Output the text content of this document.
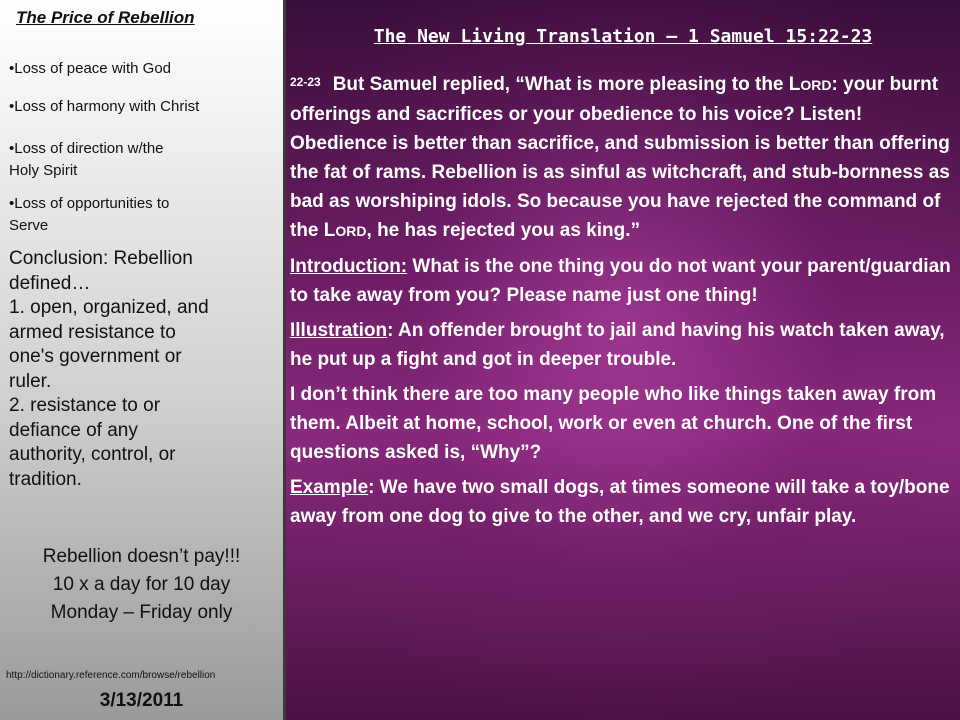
The Price of Rebellion
•Loss of peace with God
•Loss of harmony with Christ
•Loss of direction w/the
Holy Spirit
•Loss of opportunities to
Serve
Conclusion: Rebellion
defined…
1. open, organized, and
armed resistance to
one's government or
ruler.
2. resistance to or
defiance of any
authority, control, or
tradition.
Rebellion doesn’t pay!!!
10 x a day for 10 day
Monday – Friday only
http://dictionary.reference.com/browse/rebellion
3/13/2011
The New Living Translation – 1 Samuel 15:22-23

$^{22-23}$ But Samuel replied, “What is more pleasing to the LORD: your burnt offerings and sacrifices or your obedience to his voice? Listen! Obedience is better than sacrifice, and submission is better than offering the fat of rams. Rebellion is as sinful as witchcraft, and stub-bornness as bad as worshiping idols. So because you have rejected the command of the LORD, he has rejected you as king.”

Introduction: What is the one thing you do not want your parent/guardian to take away from you? Please name just one thing!

Illustration: An offender brought to jail and having his watch taken away, he put up a fight and got in deeper trouble.

I don’t think there are too many people who like things taken away from them. Albeit at home, school, work or even at church. One of the first questions asked is, “Why”?

Example: We have two small dogs, at times someone will take a toy/bone away from one dog to give to the other, and we cry, unfair play.
